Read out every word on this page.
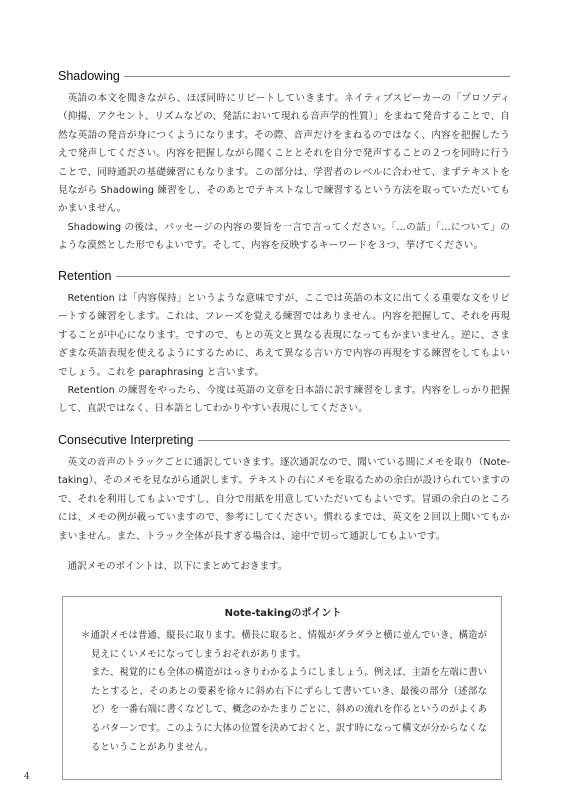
Shadowing

英語の本文を聞きながら、ほぼ同時にリピートしていきます。ネイティブスピーカーの「プロソディ（抑揚、アクセント、リズムなどの、発話において現れる音声学的性質）」をまねて発音することで、自然な英語の発音が身につくようになります。その際、音声だけをまねるのではなく、内容を把握したうえで発声してください。内容を把握しながら聞くこととそれを自分で発声することの２つを同時に行うことで、同時通訳の基礎練習にもなります。この部分は、学習者のレベルに合わせて、まずテキストを見ながら Shadowing 練習をし、そのあとでテキストなしで練習するという方法を取っていただいてもかまいません。

Shadowing の後は、パッセージの内容の要旨を一言で言ってください。「…の話」「…について」のような漠然とした形でもよいです。そして、内容を反映するキーワードを３つ、挙げてください。

Retention

Retention は「内容保持」というような意味ですが、ここでは英語の本文に出てくる重要な文をリピートする練習をします。これは、フレーズを覚える練習ではありません。内容を把握して、それを再現することが中心になります。ですので、もとの英文と異なる表現になってもかまいません。逆に、さまざまな英語表現を使えるようにするために、あえて異なる言い方で内容の再現をする練習をしてもよいでしょう。これを paraphrasing と言います。

Retention の練習をやったら、今度は英語の文章を日本語に訳す練習をします。内容をしっかり把握して、直訳ではなく、日本語としてわかりやすい表現にしてください。

Consecutive Interpreting

英文の音声のトラックごとに通訳していきます。逐次通訳なので、聞いている間にメモを取り（Note-taking）、そのメモを見ながら通訳します。テキストの右にメモを取るための余白が設けられていますので、それを利用してもよいですし、自分で用紙を用意していただいてもよいです。冒頭の余白のところには、メモの例が載っていますので、参考にしてください。慣れるまでは、英文を２回以上聞いてもかまいません。また、トラック全体が長すぎる場合は、途中で切って通訳してもよいです。

通訳メモのポイントは、以下にまとめておきます。

Note-takingのポイント

＊通訳メモは普通、縦長に取ります。横長に取ると、情報がダラダラと横に並んでいき、構造が見えにくいメモになってしまうおそれがあります。

また、視覚的にも全体の構造がはっきりわかるようにしましょう。例えば、主語を左端に書いたとすると、そのあとの要素を徐々に斜め右下にずらして書いていき、最後の部分（述部など）を一番右端に書くなどして、概念のかたまりごとに、斜めの流れを作るというのがよくあるパターンです。このように大体の位置を決めておくと、訳す時になって構文が分からなくなるということがありません。

4
